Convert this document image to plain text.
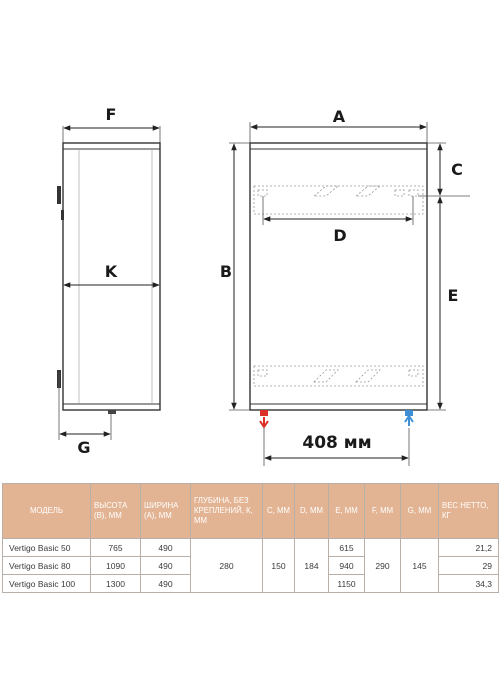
F
K
G
A
D
B
C
E
408 мм
МОДЕЛЬ	ВЫСОТА (В), ММ	ШИРИНА (А), ММ	ГЛУБИНА, БЕЗ КРЕПЛЕНИЙ, К, ММ	С, ММ	D, ММ	Е, ММ	F, ММ	G, ММ	ВЕС НЕТТО, КГ
Vertigo Basic 50	765	490	280	150	184	615	290	145	21,2
Vertigo Basic 80	1090	490				940			29
Vertigo Basic 100	1300	490				1150			34,3
